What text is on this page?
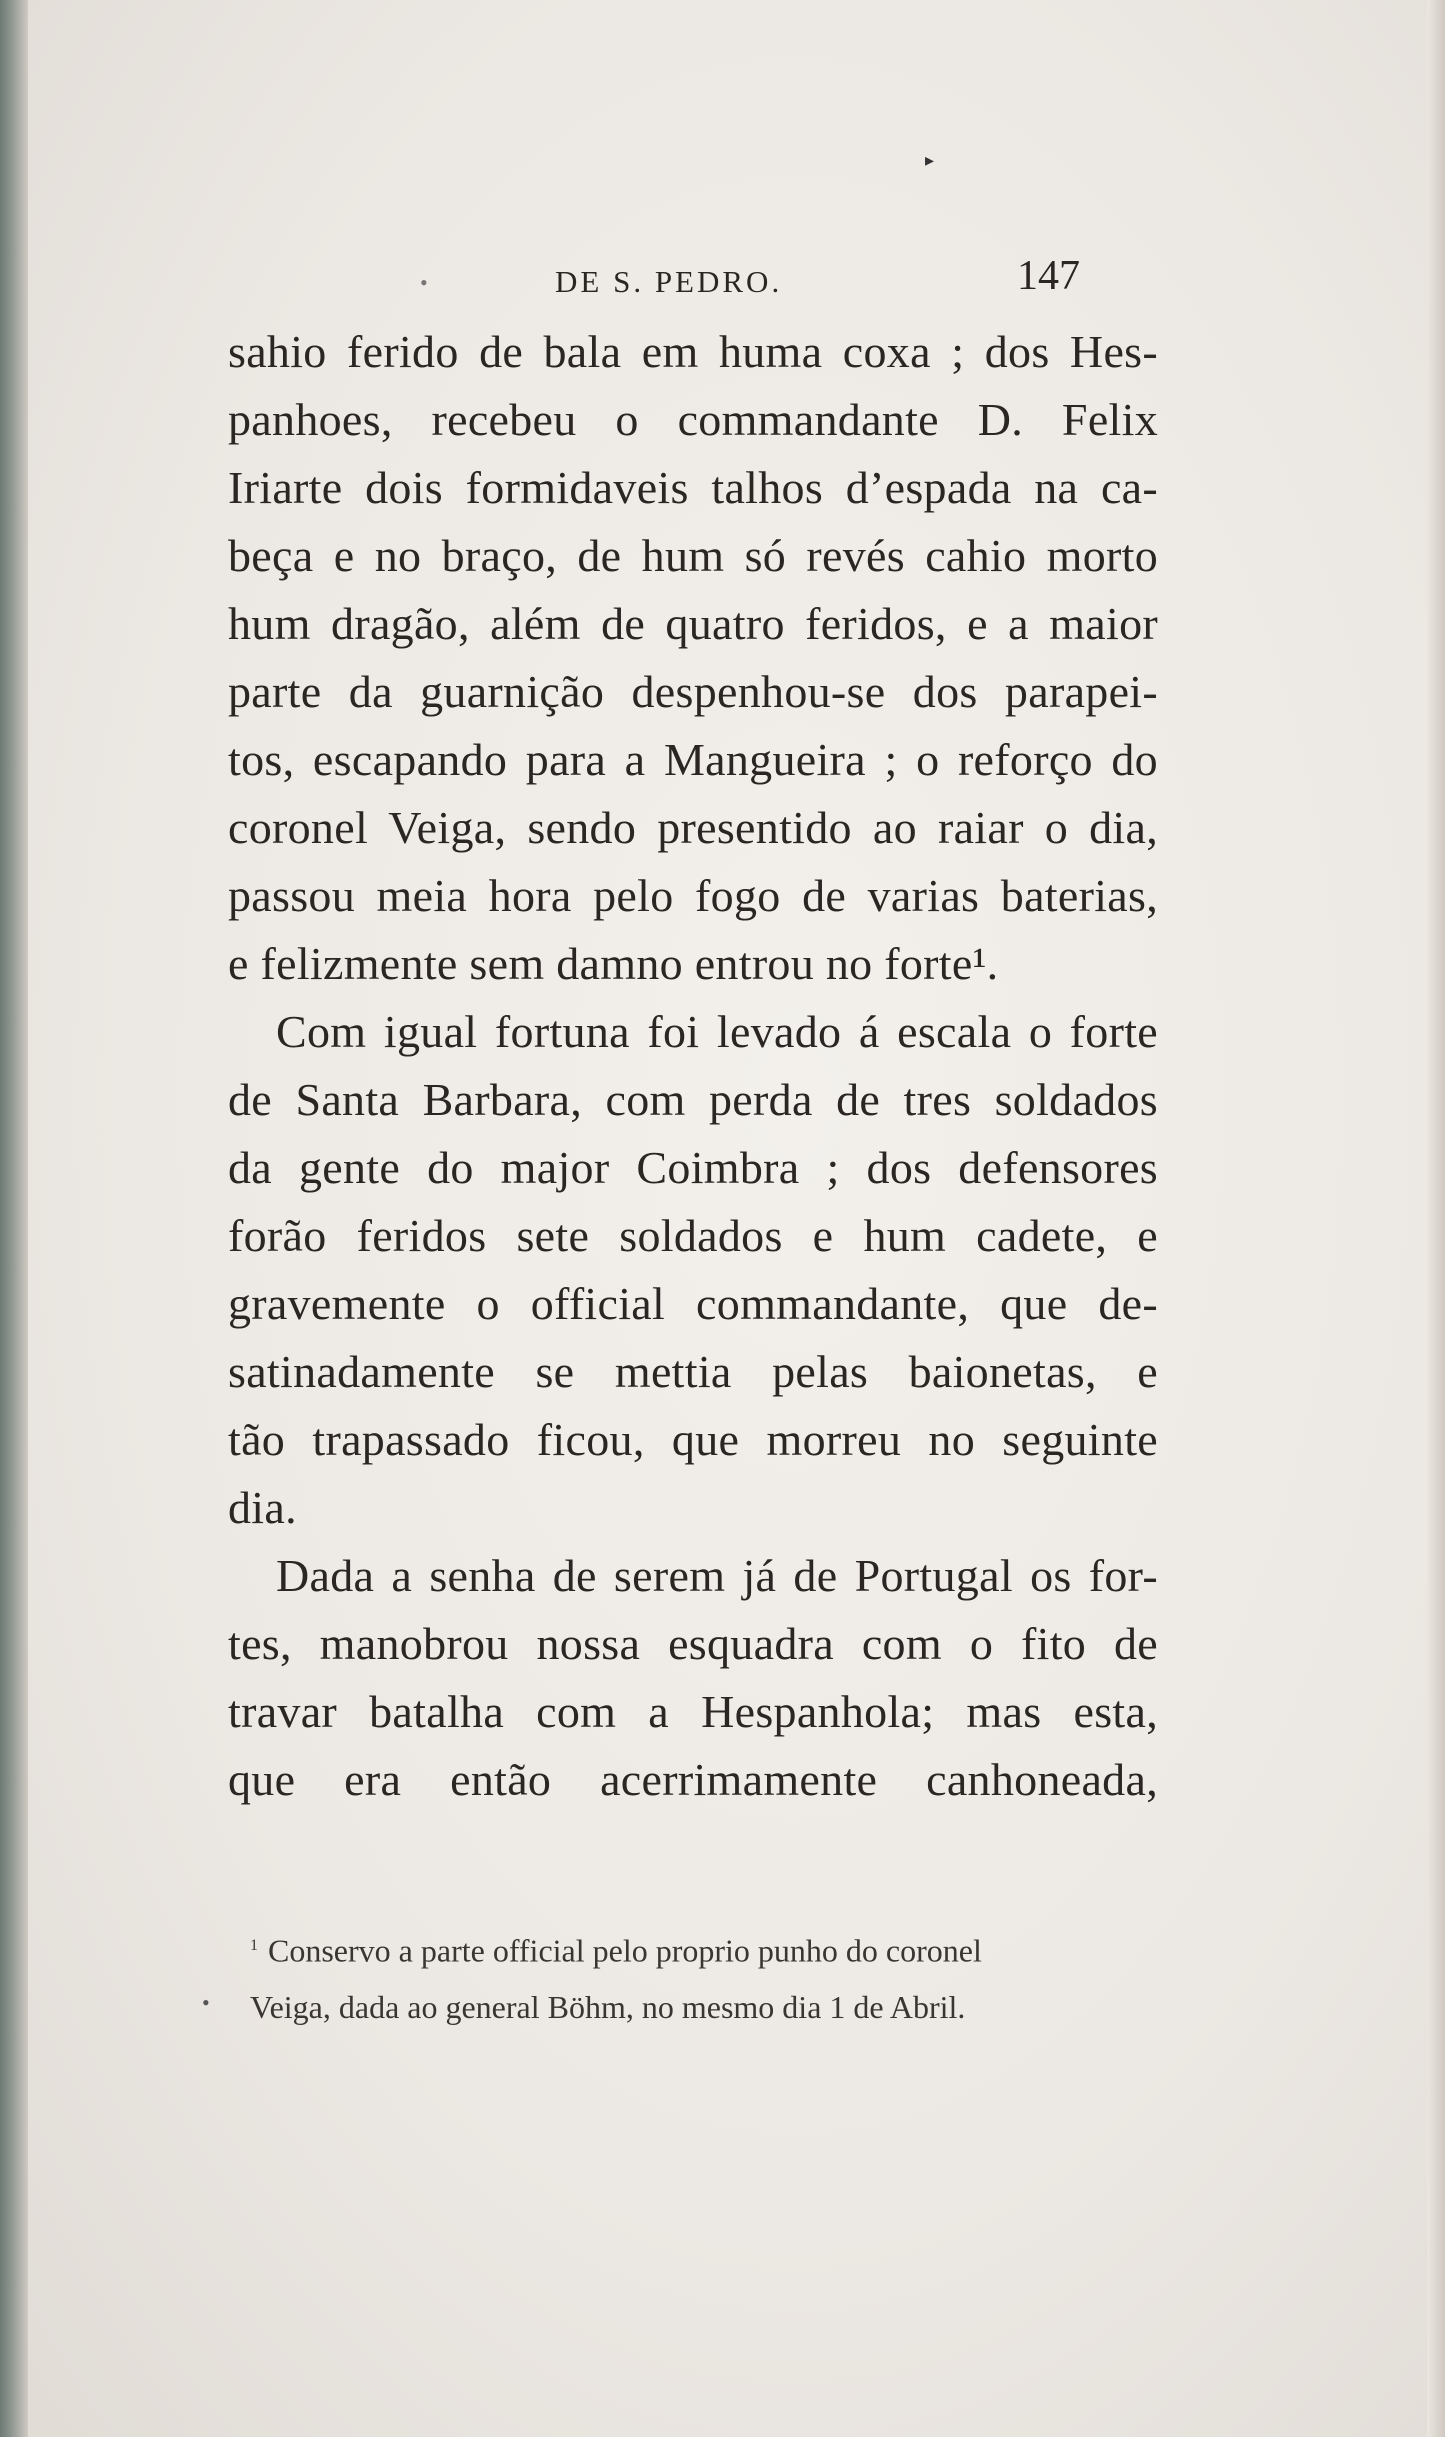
▸
•	DE S. PEDRO.	147
sahio ferido de bala em huma coxa ; dos Hes-
panhoes, recebeu o commandante D. Felix
Iriarte dois formidaveis talhos d’espada na ca-
beça e no braço, de hum só revés cahio morto
hum dragão, além de quatro feridos, e a maior
parte da guarnição despenhou-se dos parapei-
tos, escapando para a Mangueira ; o reforço do
coronel Veiga, sendo presentido ao raiar o dia,
passou meia hora pelo fogo de varias baterias,
e felizmente sem damno entrou no forte¹.
Com igual fortuna foi levado á escala o forte
de Santa Barbara, com perda de tres soldados
da gente do major Coimbra ; dos defensores
forão feridos sete soldados e hum cadete, e
gravemente o official commandante, que de-
satinadamente se mettia pelas baionetas, e
tão trapassado ficou, que morreu no seguinte
dia.
Dada a senha de serem já de Portugal os for-
tes, manobrou nossa esquadra com o fito de
travar batalha com a Hespanhola; mas esta,
que era então acerrimamente canhoneada,
•
$^1$ Conservo a parte official pelo proprio punho do coronel
Veiga, dada ao general Böhm, no mesmo dia 1 de Abril.
